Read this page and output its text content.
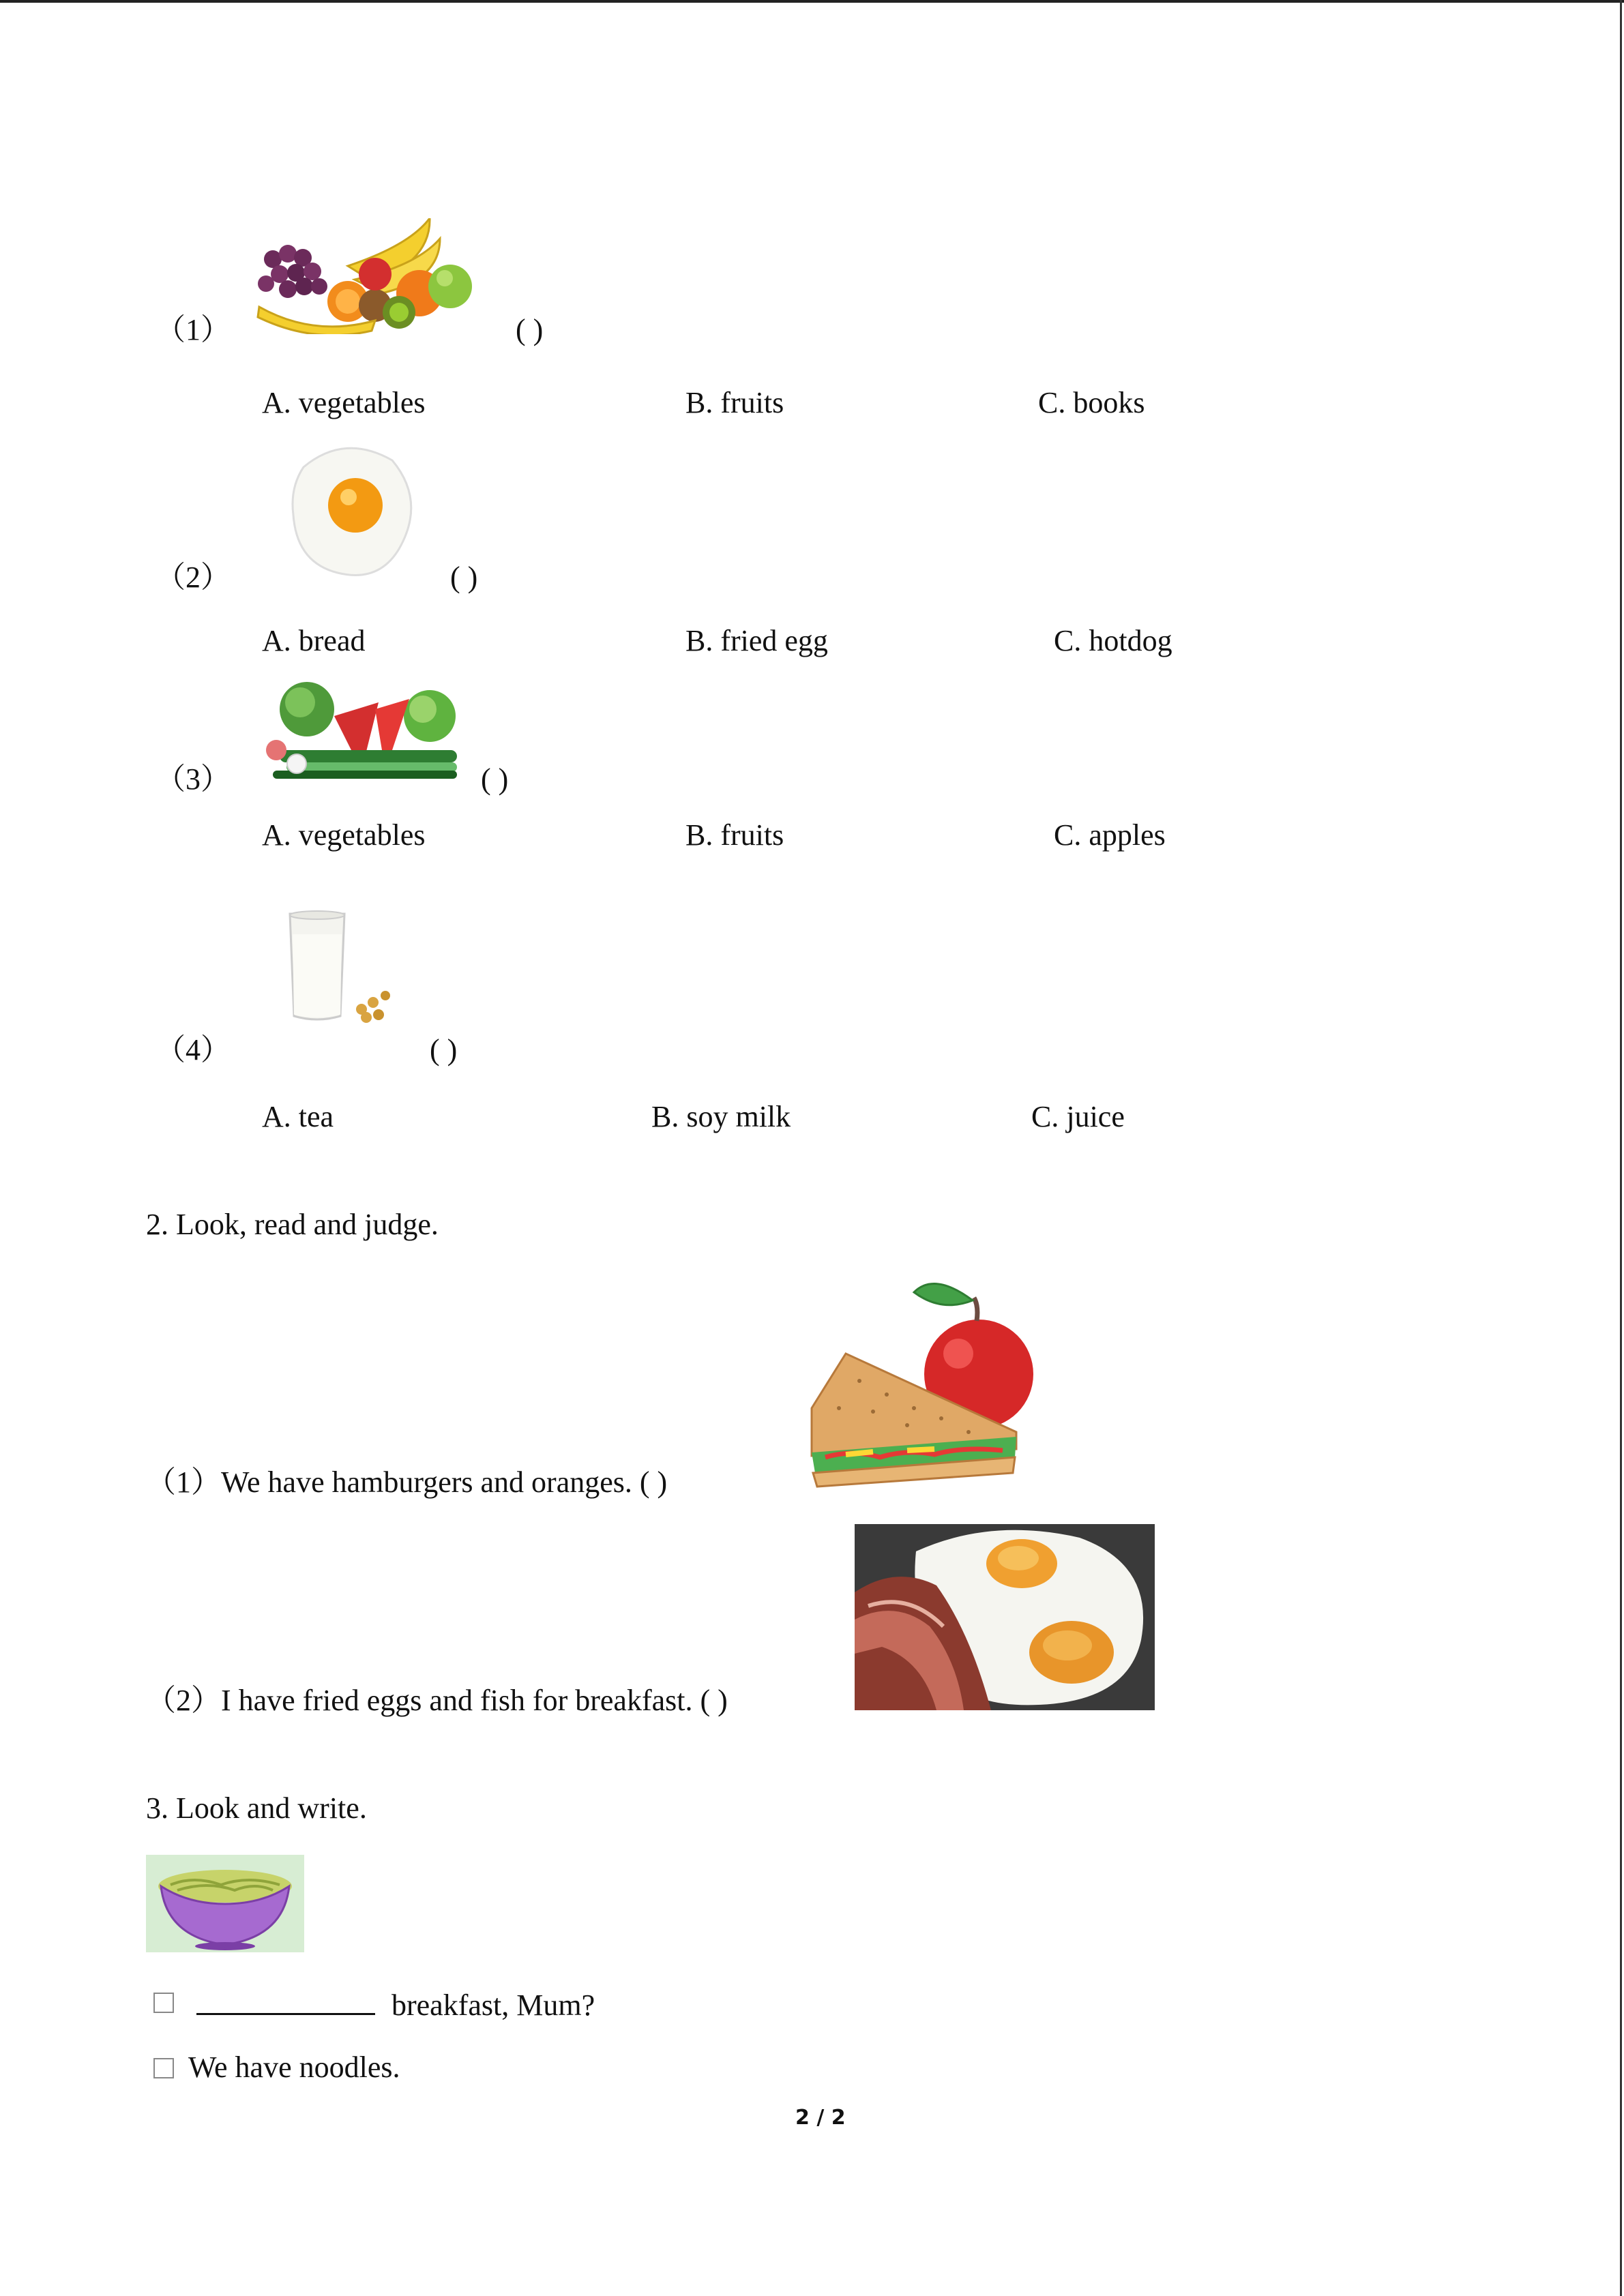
（1）	( )
A. vegetables	B. fruits	C. books
（2）	( )
A. bread	B. fried egg	C. hotdog
（3）	( )
A. vegetables	B. fruits	C. apples
（4）	( )
A. tea	B. soy milk	C. juice
2. Look, read and judge.
（1）We have hamburgers and oranges. ( )
（2）I have fried eggs and fish for breakfast. ( )
3. Look and write.
breakfast, Mum?
We have noodles.
2 / 2
